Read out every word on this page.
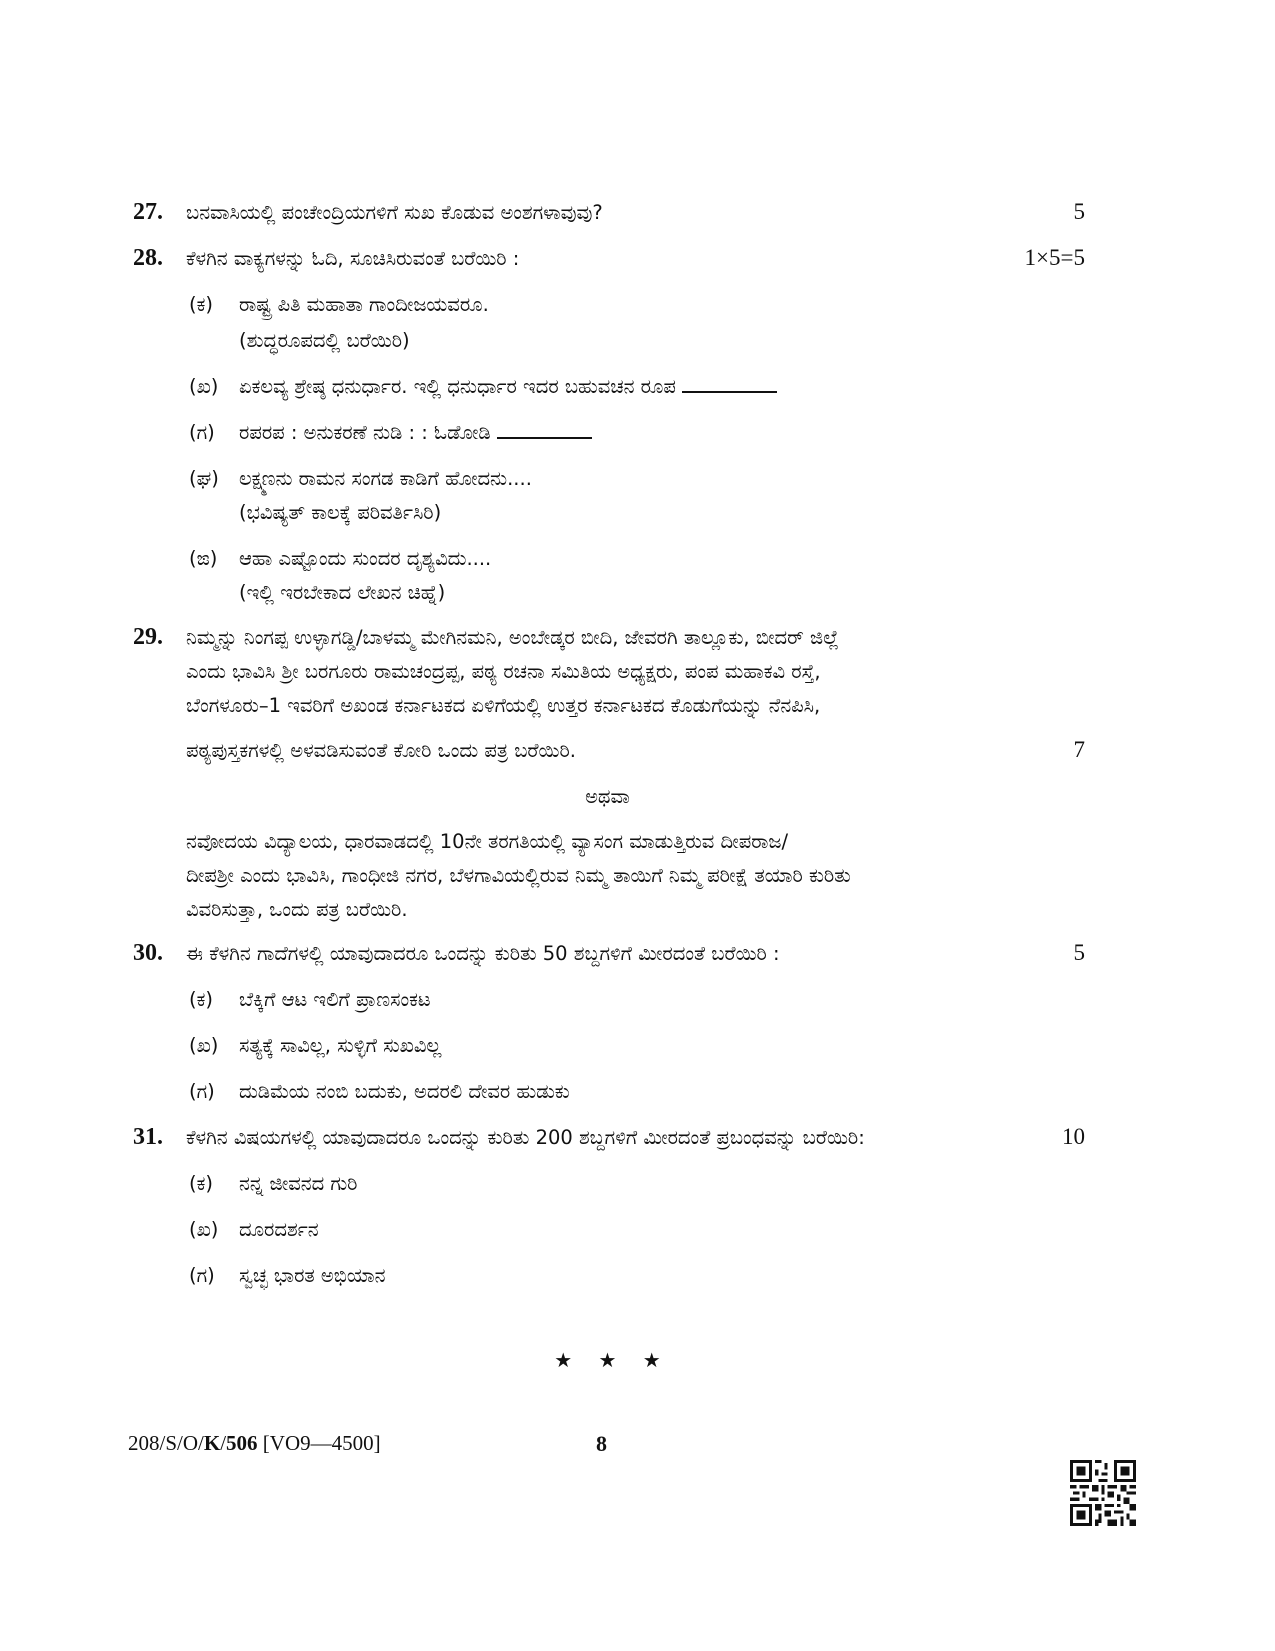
27. ಬನವಾಸಿಯಲ್ಲಿ ಪಂಚೇಂದ್ರಿಯಗಳಿಗೆ ಸುಖ ಕೊಡುವ ಅಂಶಗಳಾವುವು?	5
28. ಕೆಳಗಿನ ವಾಕ್ಯಗಳನ್ನು ಓದಿ, ಸೂಚಿಸಿರುವಂತೆ ಬರೆಯಿರಿ :	1×5=5
(ಕ) ರಾಷ್ಟ್ರ ಪಿತಿ ಮಹಾತಾ ಗಾಂದೀಜಯವರೂ.
(ಶುದ್ಧರೂಪದಲ್ಲಿ ಬರೆಯಿರಿ)
(ಖ) ಏಕಲವ್ಯ ಶ್ರೇಷ್ಠ ಧನುರ್ಧಾರ. ಇಲ್ಲಿ ಧನುರ್ಧಾರ ಇದರ ಬಹುವಚನ ರೂಪ
(ಗ) ರಪರಪ : ಅನುಕರಣೆ ನುಡಿ : : ಓಡೋಡಿ
(ಘ) ಲಕ್ಷ್ಮಣನು ರಾಮನ ಸಂಗಡ ಕಾಡಿಗೆ ಹೋದನು....
(ಭವಿಷ್ಯತ್ ಕಾಲಕ್ಕೆ ಪರಿವರ್ತಿಸಿರಿ)
(ಙ) ಆಹಾ ಎಷ್ಟೊಂದು ಸುಂದರ ದೃಶ್ಯವಿದು....
(ಇಲ್ಲಿ ಇರಬೇಕಾದ ಲೇಖನ ಚಿಹ್ನೆ)
29. ನಿಮ್ಮನ್ನು ನಿಂಗಪ್ಪ ಉಳ್ಳಾಗಡ್ಡಿ/ಬಾಳಮ್ಮ ಮೇಗಿನಮನಿ, ಅಂಬೇಡ್ಕರ ಬೀದಿ, ಜೇವರಗಿ ತಾಲ್ಲೂಕು, ಬೀದರ್ ಜಿಲ್ಲೆ
ಎಂದು ಭಾವಿಸಿ ಶ್ರೀ ಬರಗೂರು ರಾಮಚಂದ್ರಪ್ಪ, ಪಠ್ಯ ರಚನಾ ಸಮಿತಿಯ ಅಧ್ಯಕ್ಷರು, ಪಂಪ ಮಹಾಕವಿ ರಸ್ತೆ,
ಬೆಂಗಳೂರು–1 ಇವರಿಗೆ ಅಖಂಡ ಕರ್ನಾಟಕದ ಏಳಿಗೆಯಲ್ಲಿ ಉತ್ತರ ಕರ್ನಾಟಕದ ಕೊಡುಗೆಯನ್ನು ನೆನಪಿಸಿ,
ಪಠ್ಯಪುಸ್ತಕಗಳಲ್ಲಿ ಅಳವಡಿಸುವಂತೆ ಕೋರಿ ಒಂದು ಪತ್ರ ಬರೆಯಿರಿ.	7
ಅಥವಾ
ನವೋದಯ ವಿದ್ಯಾಲಯ, ಧಾರವಾಡದಲ್ಲಿ 10ನೇ ತರಗತಿಯಲ್ಲಿ ವ್ಯಾಸಂಗ ಮಾಡುತ್ತಿರುವ ದೀಪರಾಜ/
ದೀಪಶ್ರೀ ಎಂದು ಭಾವಿಸಿ, ಗಾಂಧೀಜಿ ನಗರ, ಬೆಳಗಾವಿಯಲ್ಲಿರುವ ನಿಮ್ಮ ತಾಯಿಗೆ ನಿಮ್ಮ ಪರೀಕ್ಷೆ ತಯಾರಿ ಕುರಿತು
ವಿವರಿಸುತ್ತಾ, ಒಂದು ಪತ್ರ ಬರೆಯಿರಿ.
30. ಈ ಕೆಳಗಿನ ಗಾದೆಗಳಲ್ಲಿ ಯಾವುದಾದರೂ ಒಂದನ್ನು ಕುರಿತು 50 ಶಬ್ದಗಳಿಗೆ ಮೀರದಂತೆ ಬರೆಯಿರಿ :	5
(ಕ) ಬೆಕ್ಕಿಗೆ ಆಟ ಇಲಿಗೆ ಪ್ರಾಣಸಂಕಟ
(ಖ) ಸತ್ಯಕ್ಕೆ ಸಾವಿಲ್ಲ, ಸುಳ್ಳಿಗೆ ಸುಖವಿಲ್ಲ
(ಗ) ದುಡಿಮೆಯ ನಂಬಿ ಬದುಕು, ಅದರಲಿ ದೇವರ ಹುಡುಕು
31. ಕೆಳಗಿನ ವಿಷಯಗಳಲ್ಲಿ ಯಾವುದಾದರೂ ಒಂದನ್ನು ಕುರಿತು 200 ಶಬ್ದಗಳಿಗೆ ಮೀರದಂತೆ ಪ್ರಬಂಧವನ್ನು ಬರೆಯಿರಿ:	10
(ಕ) ನನ್ನ ಜೀವನದ ಗುರಿ
(ಖ) ದೂರದರ್ಶನ
(ಗ) ಸ್ವಚ್ಛ ಭಾರತ ಅಭಿಯಾನ
★ ★ ★
208/S/O/K/506 [VO9—4500]	8
